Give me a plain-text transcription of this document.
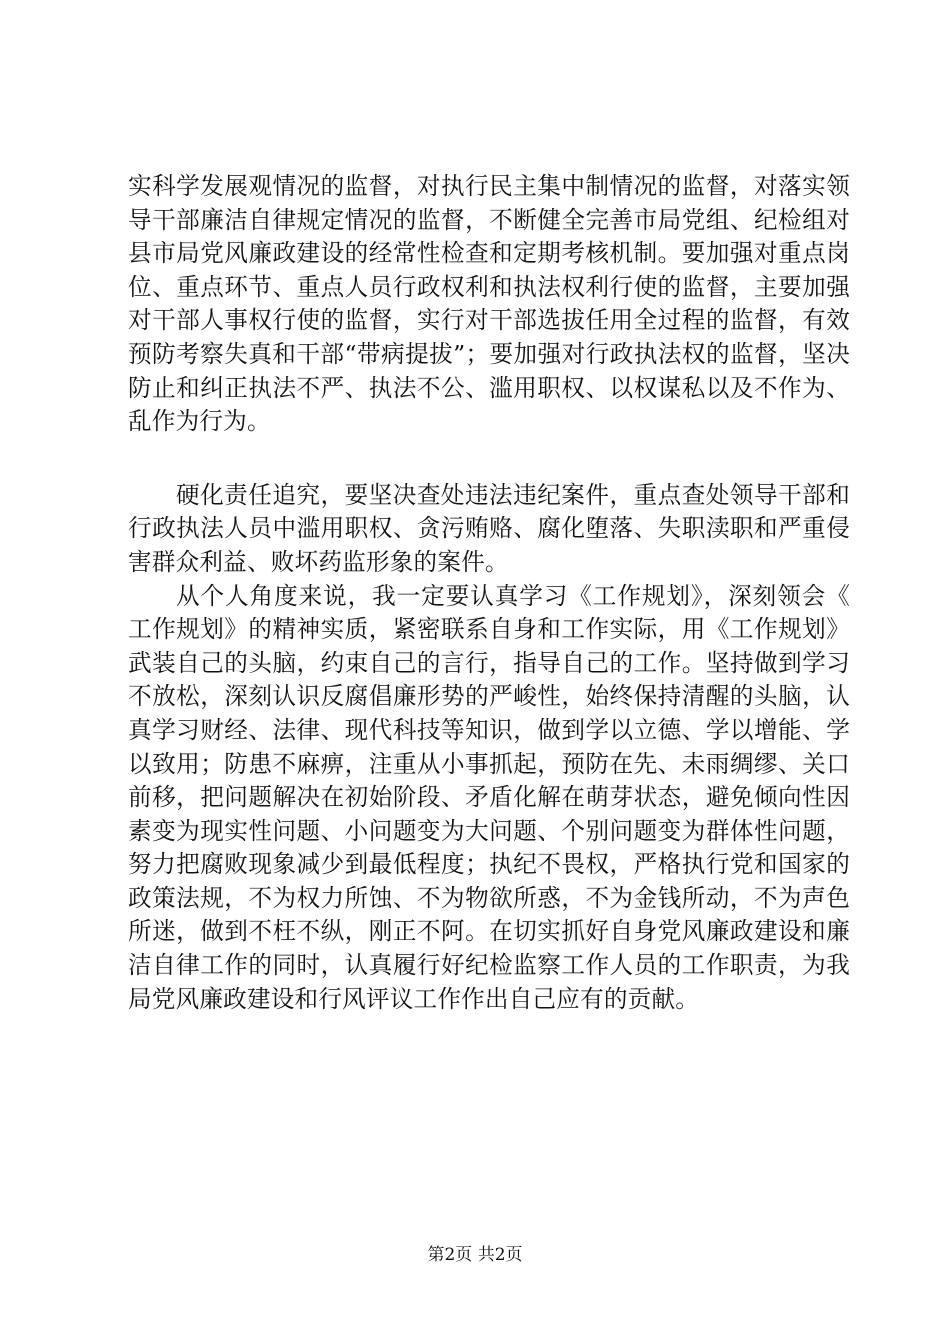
实科学发展观情况的监督，对执行民主集中制情况的监督，对落实领导干部廉洁自律规定情况的监督，不断健全完善市局党组、纪检组对县市局党风廉政建设的经常性检查和定期考核机制。要加强对重点岗位、重点环节、重点人员行政权利和执法权利行使的监督，主要加强对干部人事权行使的监督，实行对干部选拔任用全过程的监督，有效预防考察失真和干部“带病提拔”；要加强对行政执法权的监督，坚决防止和纠正执法不严、执法不公、滥用职权、以权谋私以及不作为、乱作为行为。

硬化责任追究，要坚决查处违法违纪案件，重点查处领导干部和行政执法人员中滥用职权、贪污贿赂、腐化堕落、失职渎职和严重侵害群众利益、败坏药监形象的案件。

从个人角度来说，我一定要认真学习《工作规划》，深刻领会《工作规划》的精神实质，紧密联系自身和工作实际，用《工作规划》武装自己的头脑，约束自己的言行，指导自己的工作。坚持做到学习不放松，深刻认识反腐倡廉形势的严峻性，始终保持清醒的头脑，认真学习财经、法律、现代科技等知识，做到学以立德、学以增能、学以致用；防患不麻痹，注重从小事抓起，预防在先、未雨绸缪、关口前移，把问题解决在初始阶段、矛盾化解在萌芽状态，避免倾向性因素变为现实性问题、小问题变为大问题、个别问题变为群体性问题，努力把腐败现象减少到最低程度；执纪不畏权，严格执行党和国家的政策法规，不为权力所蚀、不为物欲所惑，不为金钱所动，不为声色所迷，做到不枉不纵，刚正不阿。在切实抓好自身党风廉政建设和廉洁自律工作的同时，认真履行好纪检监察工作人员的工作职责，为我局党风廉政建设和行风评议工作作出自己应有的贡献。

第2页 共2页
